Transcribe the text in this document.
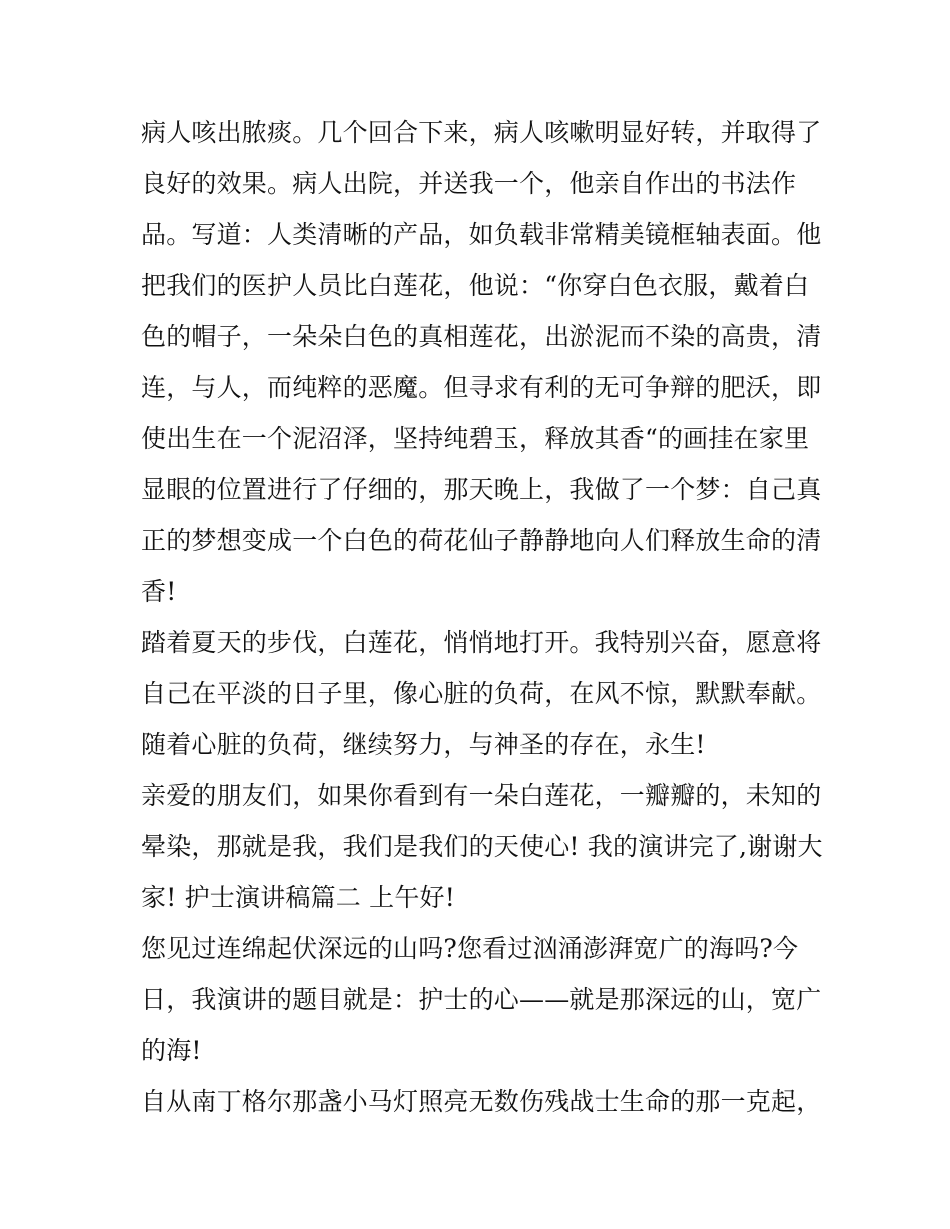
病人咳出脓痰。几个回合下来，病人咳嗽明显好转，并取得了
良好的效果。病人出院，并送我一个，他亲自作出的书法作
品。写道：人类清晰的产品，如负载非常精美镜框轴表面。他
把我们的医护人员比白莲花，他说：“你穿白色衣服，戴着白
色的帽子，一朵朵白色的真相莲花，出淤泥而不染的高贵，清
连，与人，而纯粹的恶魔。但寻求有利的无可争辩的肥沃，即
使出生在一个泥沼泽，坚持纯碧玉，释放其香“的画挂在家里
显眼的位置进行了仔细的，那天晚上，我做了一个梦：自己真
正的梦想变成一个白色的荷花仙子静静地向人们释放生命的清
香!
踏着夏天的步伐，白莲花，悄悄地打开。我特别兴奋，愿意将
自己在平淡的日子里，像心脏的负荷，在风不惊，默默奉献。
随着心脏的负荷，继续努力，与神圣的存在，永生!
亲爱的朋友们，如果你看到有一朵白莲花，一瓣瓣的，未知的
晕染，那就是我，我们是我们的天使心! 我的演讲完了,谢谢大
家! 护士演讲稿篇二 上午好!
您见过连绵起伏深远的山吗?您看过汹涌澎湃宽广的海吗?今
日，我演讲的题目就是：护士的心——就是那深远的山，宽广
的海!
自从南丁格尔那盏小马灯照亮无数伤残战士生命的那一克起，
